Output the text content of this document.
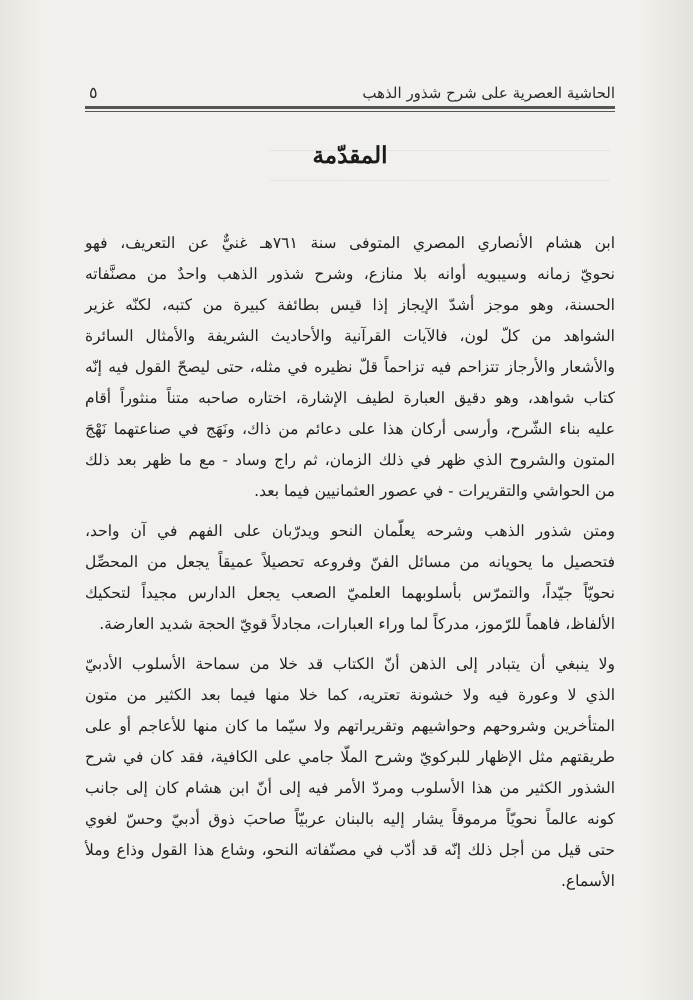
الحاشية العصرية على شرح شذور الذهب
٥
المقدّمة
ابن هشام الأنصاري المصري المتوفى سنة ٧٦١هـ غنيٌّ عن التعريف، فهو
نحويّ زمانه وسيبويه أوانه بلا منازع، وشرح شذور الذهب واحدٌ من مصنَّفاته
الحسنة، وهو موجز أشدّ الإيجاز إذا قيس بطائفة كبيرة من كتبه، لكنّه غزير
الشواهد من كلّ لون، فالآيات القرآنية والأحاديث الشريفة والأمثال السائرة
والأشعار والأرجاز تتزاحم فيه تزاحماً قلّ نظيره في مثله، حتى ليصحّ القول فيه إنّه
كتاب شواهد، وهو دقيق العبارة لطيف الإشارة، اختاره صاحبه متناً منثوراً أقام
عليه بناء الشّرح، وأرسى أركان هذا على دعائم من ذاك، ونَهَج في صناعتهما نَهْجَ
المتون والشروح الذي ظهر في ذلك الزمان، ثم راج وساد - مع ما ظهر بعد ذلك
من الحواشي والتقريرات - في عصور العثمانيين فيما بعد.
ومتن شذور الذهب وشرحه يعلّمان النحو ويدرّبان على الفهم في آن واحد،
فتحصيل ما يحويانه من مسائل الفنّ وفروعه تحصيلاً عميقاً يجعل من المحصِّل
نحويّاً جيّداً، والتمرّس بأسلوبهما العلميّ الصعب يجعل الدارس مجيداً لتحكيك
الألفاظ، فاهماً للرّموز، مدركاً لما وراء العبارات، مجادلاً قويّ الحجة شديد العارضة.
ولا ينبغي أن يتبادر إلى الذهن أنّ الكتاب قد خلا من سماحة الأسلوب الأدبيّ
الذي لا وعورة فيه ولا خشونة تعتريه، كما خلا منها فيما بعد الكثير من متون
المتأخرين وشروحهم وحواشيهم وتقريراتهم ولا سيّما ما كان منها للأعاجم أو على
طريقتهم مثل الإظهار للبركويّ وشرح الملّا جامي على الكافية، فقد كان في شرح
الشذور الكثير من هذا الأسلوب ومردّ الأمر فيه إلى أنّ ابن هشام كان إلى جانب
كونه عالماً نحويّاً مرموقاً يشار إليه بالبنان عربيّاً صاحبَ ذوق أدبيّ وحسّ لغوي
حتى قيل من أجل ذلك إنّه قد أدّب في مصنّفاته النحو، وشاع هذا القول وذاع وملأ
الأسماع.
